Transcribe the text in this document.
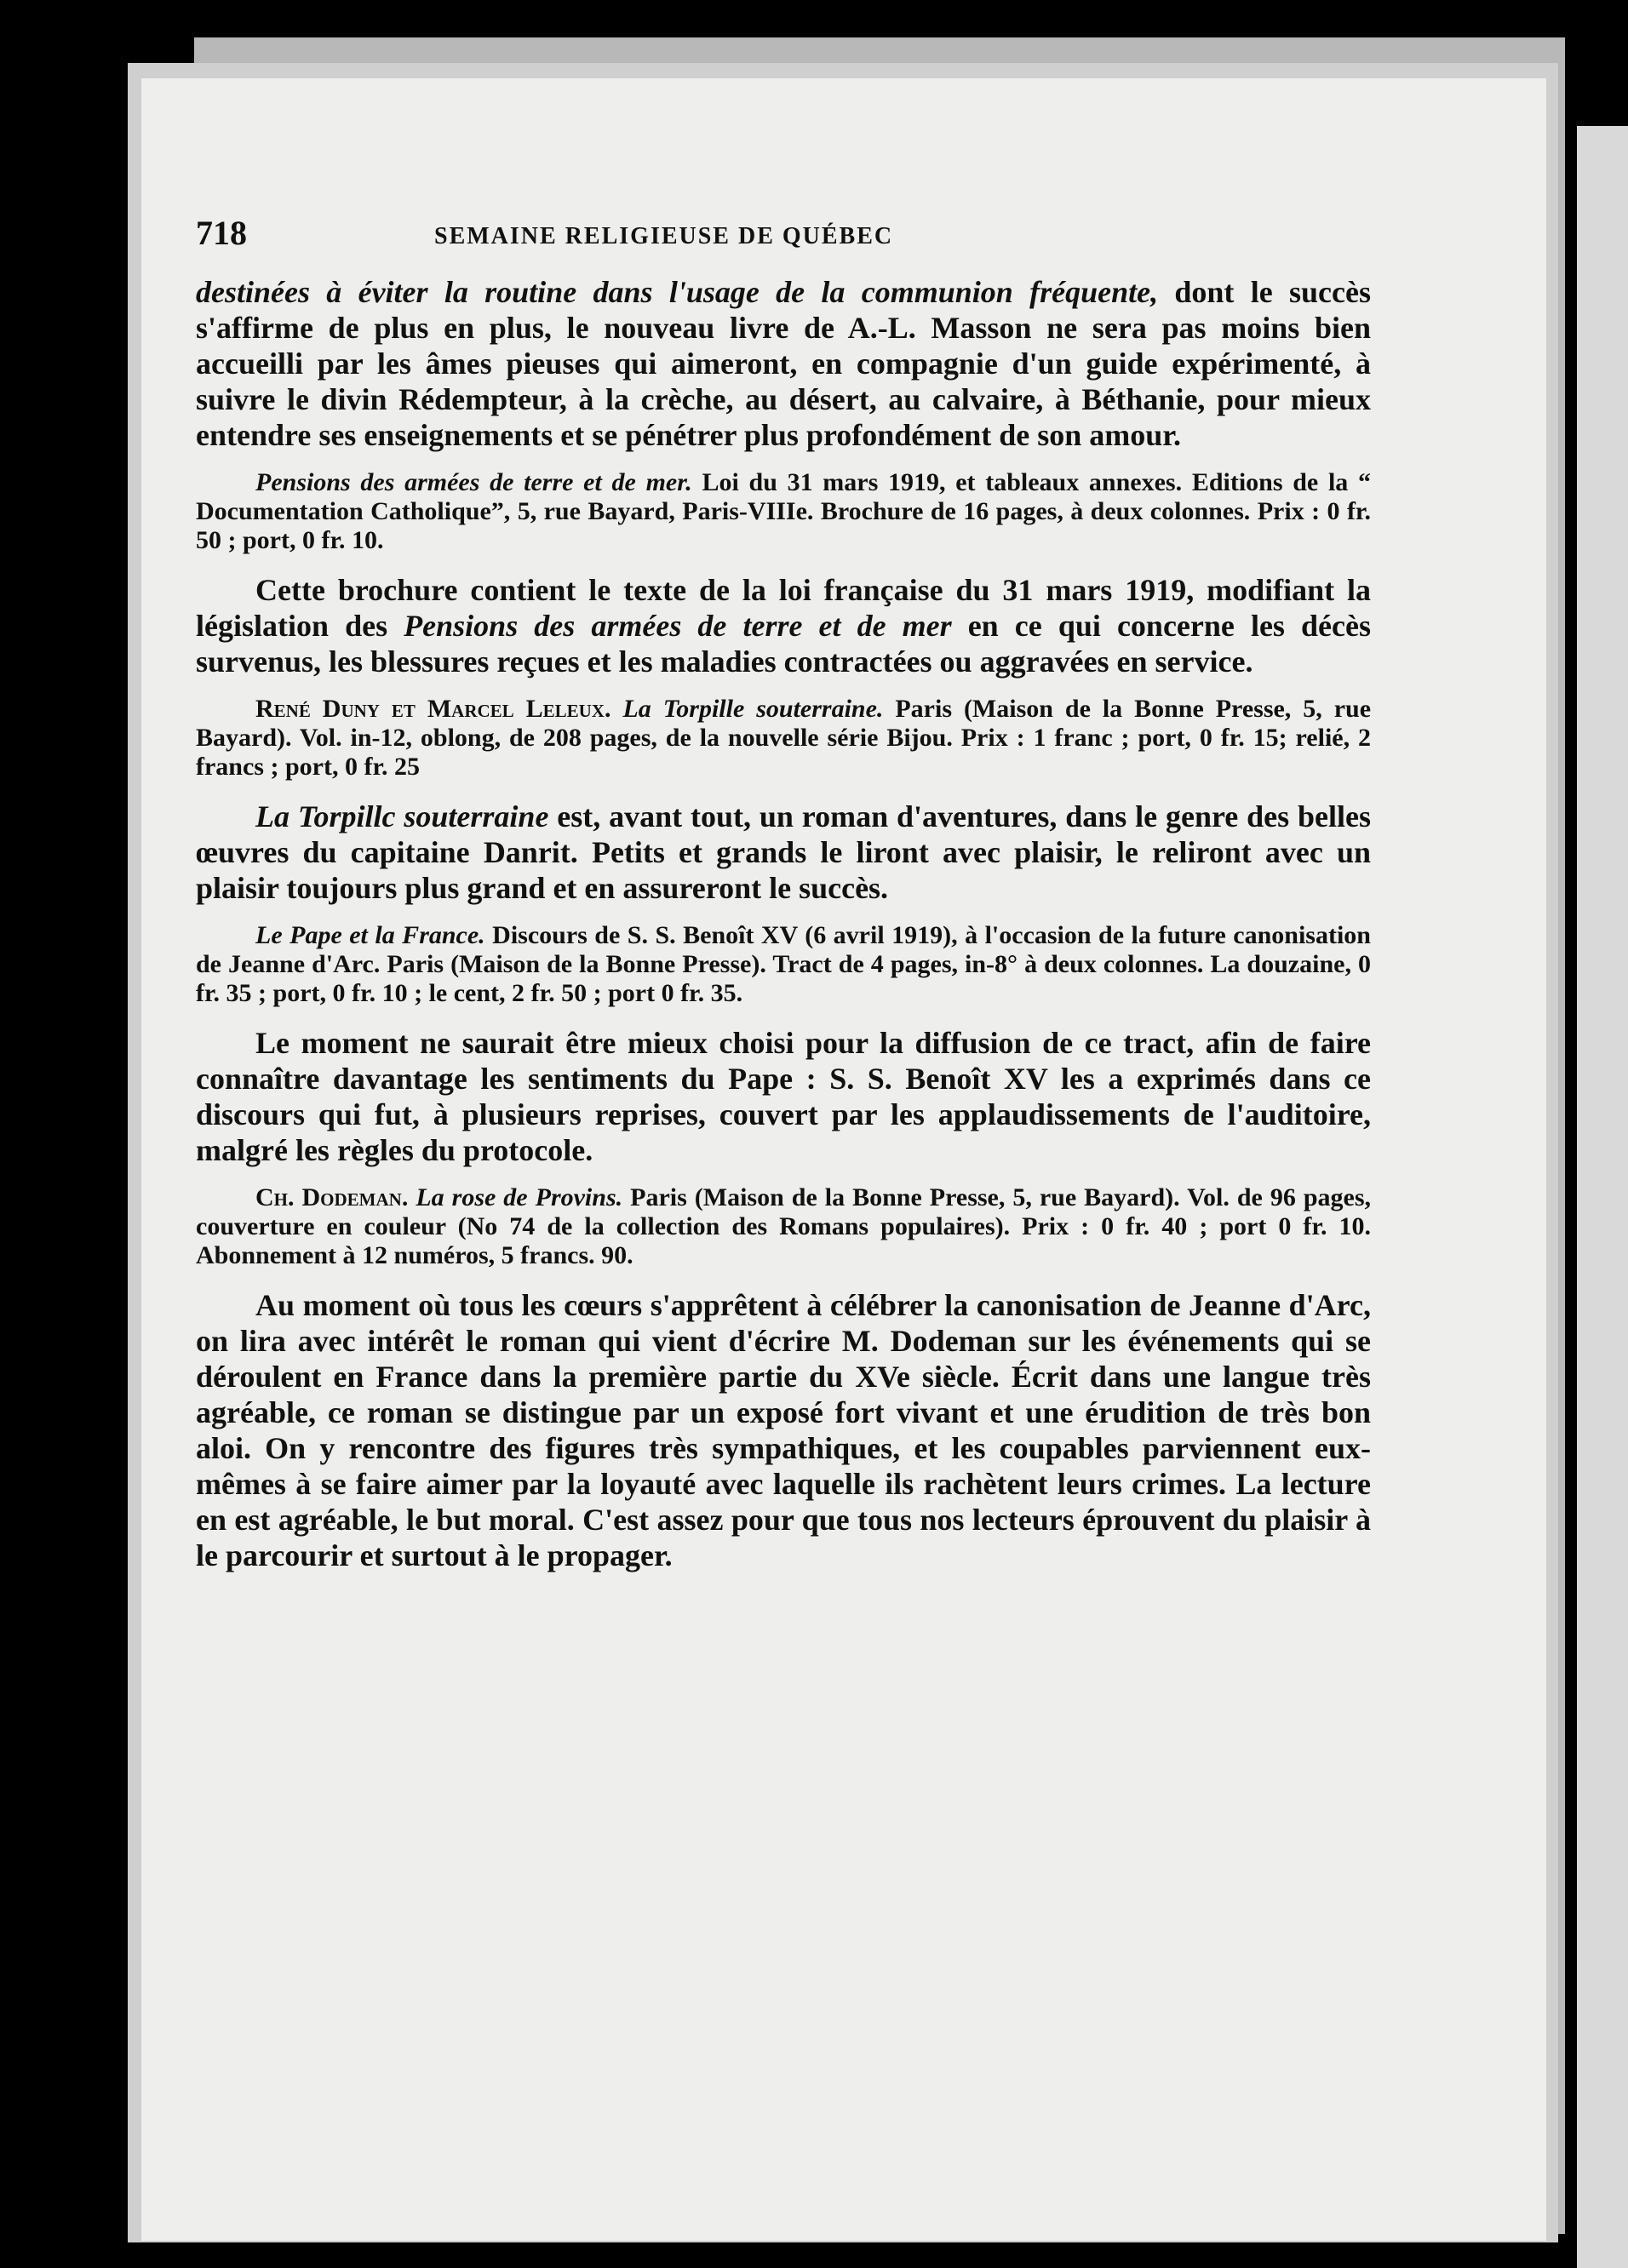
718	SEMAINE RELIGIEUSE DE QUÉBEC

destinées à éviter la routine dans l'usage de la communion fréquente, dont le succès s'affirme de plus en plus, le nouveau livre de A.-L. Masson ne sera pas moins bien accueilli par les âmes pieuses qui aimeront, en compagnie d'un guide expérimenté, à suivre le divin Rédempteur, à la crèche, au désert, au calvaire, à Béthanie, pour mieux entendre ses enseignements et se pénétrer plus profondément de son amour.

Pensions des armées de terre et de mer. Loi du 31 mars 1919, et tableaux annexes. Editions de la “ Documentation Catholique”, 5, rue Bayard, Paris-VIIIe. Brochure de 16 pages, à deux colonnes. Prix : 0 fr. 50 ; port, 0 fr. 10.

Cette brochure contient le texte de la loi française du 31 mars 1919, modifiant la législation des Pensions des armées de terre et de mer en ce qui concerne les décès survenus, les blessures reçues et les maladies contractées ou aggravées en service.

René Duny et Marcel Leleux. La Torpille souterraine. Paris (Maison de la Bonne Presse, 5, rue Bayard). Vol. in-12, oblong, de 208 pages, de la nouvelle série Bijou. Prix : 1 franc ; port, 0 fr. 15; relié, 2 francs ; port, 0 fr. 25

La Torpillc souterraine est, avant tout, un roman d'aventures, dans le genre des belles œuvres du capitaine Danrit. Petits et grands le liront avec plaisir, le reliront avec un plaisir toujours plus grand et en assureront le succès.

Le Pape et la France. Discours de S. S. Benoît XV (6 avril 1919), à l'occasion de la future canonisation de Jeanne d'Arc. Paris (Maison de la Bonne Presse). Tract de 4 pages, in-8° à deux colonnes. La douzaine, 0 fr. 35 ; port, 0 fr. 10 ; le cent, 2 fr. 50 ; port 0 fr. 35.

Le moment ne saurait être mieux choisi pour la diffusion de ce tract, afin de faire connaître davantage les sentiments du Pape : S. S. Benoît XV les a exprimés dans ce discours qui fut, à plusieurs reprises, couvert par les applaudissements de l'auditoire, malgré les règles du protocole.

Ch. Dodeman. La rose de Provins. Paris (Maison de la Bonne Presse, 5, rue Bayard). Vol. de 96 pages, couverture en couleur (No 74 de la collection des Romans populaires). Prix : 0 fr. 40 ; port 0 fr. 10. Abonnement à 12 numéros, 5 francs. 90.

Au moment où tous les cœurs s'apprêtent à célébrer la canonisation de Jeanne d'Arc, on lira avec intérêt le roman qui vient d'écrire M. Dodeman sur les événements qui se déroulent en France dans la première partie du XVe siècle. Écrit dans une langue très agréable, ce roman se distingue par un exposé fort vivant et une érudition de très bon aloi. On y rencontre des figures très sympathiques, et les coupables parviennent eux-mêmes à se faire aimer par la loyauté avec laquelle ils rachètent leurs crimes. La lecture en est agréable, le but moral. C'est assez pour que tous nos lecteurs éprouvent du plaisir à le parcourir et surtout à le propager.
